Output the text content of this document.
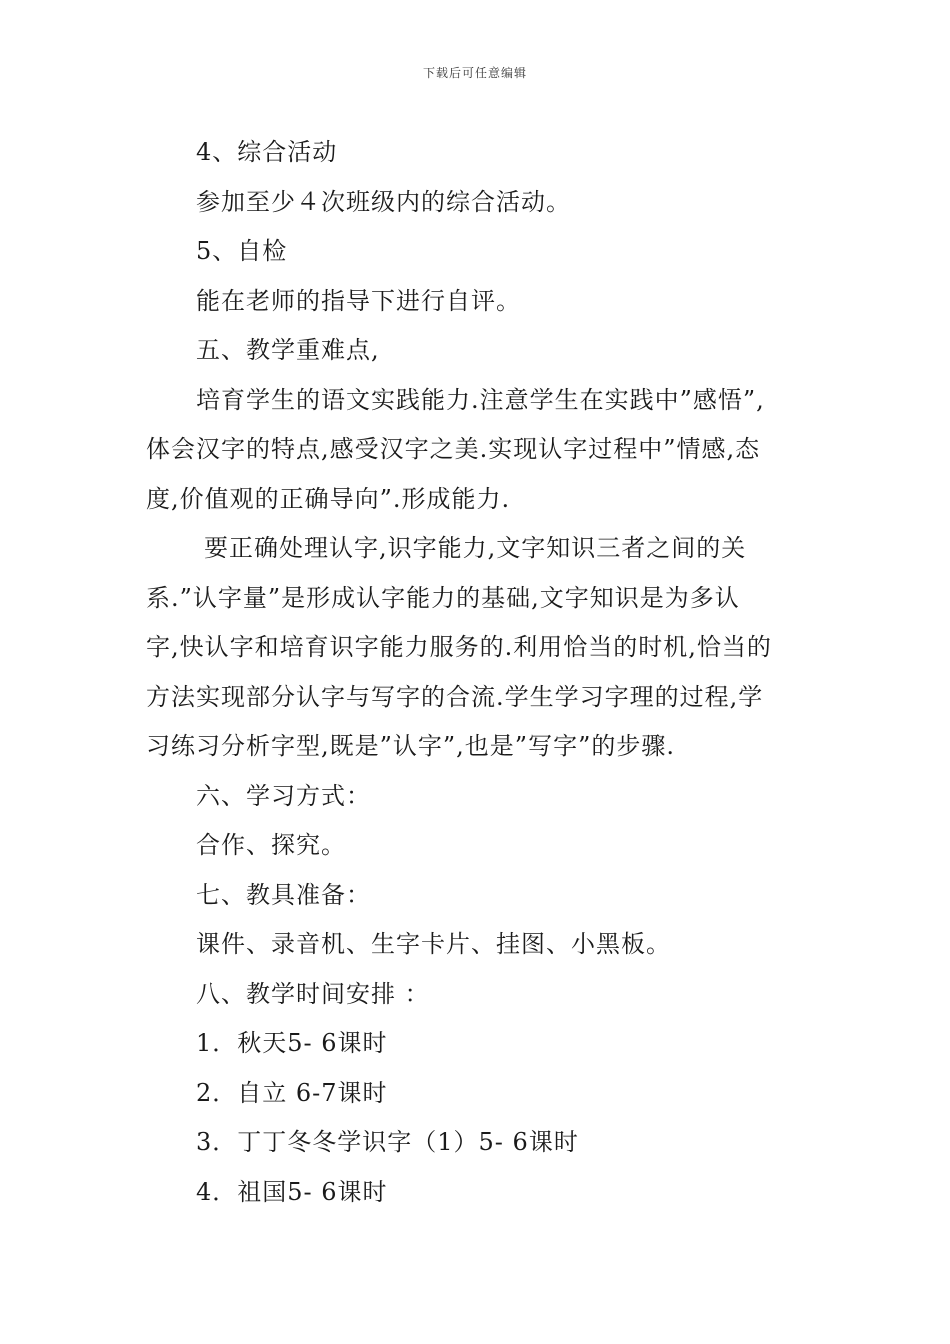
下载后可任意编辑
4、综合活动
参加至少４次班级内的综合活动。
5、自检
能在老师的指导下进行自评。
五、教学重难点,
培育学生的语文实践能力.注意学生在实践中”感悟”,
体会汉字的特点,感受汉字之美.实现认字过程中”情感,态
度,价值观的正确导向”.形成能力.
要正确处理认字,识字能力,文字知识三者之间的关
系.”认字量”是形成认字能力的基础,文字知识是为多认
字,快认字和培育识字能力服务的.利用恰当的时机,恰当的
方法实现部分认字与写字的合流.学生学习字理的过程,学
习练习分析字型,既是”认字”,也是”写字”的步骤.
六、学习方式：
合作、探究。
七、教具准备：
课件、录音机、生字卡片、挂图、小黑板。
八、教学时间安排 ：
1．秋天5- 6课时
2．自立 6-7课时
3．丁丁冬冬学识字（1）5- 6课时
4．祖国5- 6课时
